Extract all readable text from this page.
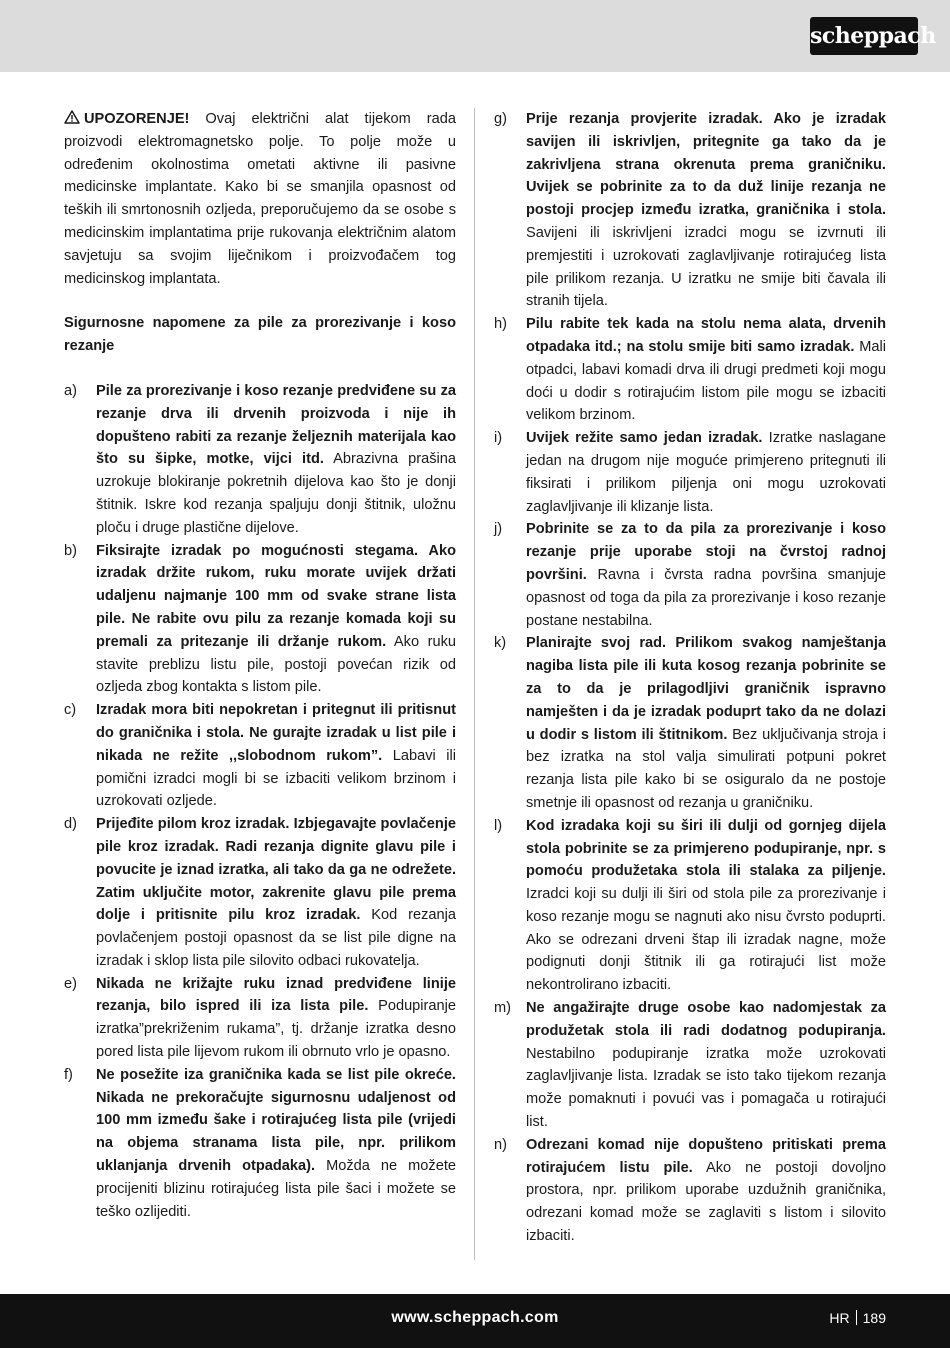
scheppach

UPOZORENJE! Ovaj električni alat tijekom rada proizvodi elektromagnetsko polje. To polje može u određenim okolnostima ometati aktivne ili pasivne medicinske implantate. Kako bi se smanjila opasnost od teških ili smrtonosnih ozljeda, preporučujemo da se osobe s medicinskim implantatima prije rukovanja električnim alatom savjetuju sa svojim liječnikom i proizvođačem tog medicinskog implantata.

Sigurnosne napomene za pile za prorezivanje i koso rezanje

a)	Pile za prorezivanje i koso rezanje predviđene su za rezanje drva ili drvenih proizvoda i nije ih dopušteno rabiti za rezanje željeznih materijala kao što su šipke, motke, vijci itd. Abrazivna prašina uzrokuje blokiranje pokretnih dijelova kao što je donji štitnik. Iskre kod rezanja spaljuju donji štitnik, uložnu ploču i druge plastične dijelove.

b)	Fiksirajte izradak po mogućnosti stegama. Ako izradak držite rukom, ruku morate uvijek držati udaljenu najmanje 100 mm od svake strane lista pile. Ne rabite ovu pilu za rezanje komada koji su premali za pritezanje ili držanje rukom. Ako ruku stavite preblizu listu pile, postoji povećan rizik od ozljeda zbog kontakta s listom pile.

c)	Izradak mora biti nepokretan i pritegnut ili pritisnut do graničnika i stola. Ne gurajte izradak u list pile i nikada ne režite ,,slobodnom rukom”. Labavi ili pomični izradci mogli bi se izbaciti velikom brzinom i uzrokovati ozljede.

d)	Prijeđite pilom kroz izradak. Izbjegavajte povlačenje pile kroz izradak. Radi rezanja dignite glavu pile i povucite je iznad izratka, ali tako da ga ne odrežete. Zatim uključite motor, zakrenite glavu pile prema dolje i pritisnite pilu kroz izradak. Kod rezanja povlačenjem postoji opasnost da se list pile digne na izradak i sklop lista pile silovito odbaci rukovatelja.

e)	Nikada ne križajte ruku iznad predviđene linije rezanja, bilo ispred ili iza lista pile. Podupiranje izratka”prekriženim rukama”, tj. držanje izratka desno pored lista pile lijevom rukom ili obrnuto vrlo je opasno.

f)	Ne posežite iza graničnika kada se list pile okreće. Nikada ne prekoračujte sigurnosnu udaljenost od 100 mm između šake i rotirajućeg lista pile (vrijedi na objema stranama lista pile, npr. prilikom uklanjanja drvenih otpadaka). Možda ne možete procijeniti blizinu rotirajućeg lista pile šaci i možete se teško ozlijediti.

g)	Prije rezanja provjerite izradak. Ako je izradak savijen ili iskrivljen, pritegnite ga tako da je zakrivljena strana okrenuta prema graničniku. Uvijek se pobrinite za to da duž linije rezanja ne postoji procjep između izratka, graničnika i stola. Savijeni ili iskrivljeni izradci mogu se izvrnuti ili premjestiti i uzrokovati zaglavljivanje rotirajućeg lista pile prilikom rezanja. U izratku ne smije biti čavala ili stranih tijela.

h)	Pilu rabite tek kada na stolu nema alata, drvenih otpadaka itd.; na stolu smije biti samo izradak. Mali otpadci, labavi komadi drva ili drugi predmeti koji mogu doći u dodir s rotirajućim listom pile mogu se izbaciti velikom brzinom.

i)	Uvijek režite samo jedan izradak. Izratke naslagane jedan na drugom nije moguće primjereno pritegnuti ili fiksirati i prilikom piljenja oni mogu uzrokovati zaglavljivanje ili klizanje lista.

j)	Pobrinite se za to da pila za prorezivanje i koso rezanje prije uporabe stoji na čvrstoj radnoj površini. Ravna i čvrsta radna površina smanjuje opasnost od toga da pila za prorezivanje i koso rezanje postane nestabilna.

k)	Planirajte svoj rad. Prilikom svakog namještanja nagiba lista pile ili kuta kosog rezanja pobrinite se za to da je prilagodljivi graničnik ispravno namješten i da je izradak poduprt tako da ne dolazi u dodir s listom ili štitnikom. Bez uključivanja stroja i bez izratka na stol valja simulirati potpuni pokret rezanja lista pile kako bi se osiguralo da ne postoje smetnje ili opasnost od rezanja u graničniku.

l)	Kod izradaka koji su širi ili dulji od gornjeg dijela stola pobrinite se za primjereno podupiranje, npr. s pomoću produžetaka stola ili stalaka za piljenje. Izradci koji su dulji ili širi od stola pile za prorezivanje i koso rezanje mogu se nagnuti ako nisu čvrsto poduprti. Ako se odrezani drveni štap ili izradak nagne, može podignuti donji štitnik ili ga rotirajući list može nekontrolirano izbaciti.

m)	Ne angažirajte druge osobe kao nadomjestak za produžetak stola ili radi dodatnog podupiranja. Nestabilno podupiranje izratka može uzrokovati zaglavljivanje lista. Izradak se isto tako tijekom rezanja može pomaknuti i povući vas i pomagača u rotirajući list.

n)	Odrezani komad nije dopušteno pritiskati prema rotirajućem listu pile. Ako ne postoji dovoljno prostora, npr. prilikom uporabe uzdužnih graničnika, odrezani komad može se zaglaviti s listom i silovito izbaciti.

www.scheppach.com	HR 189
